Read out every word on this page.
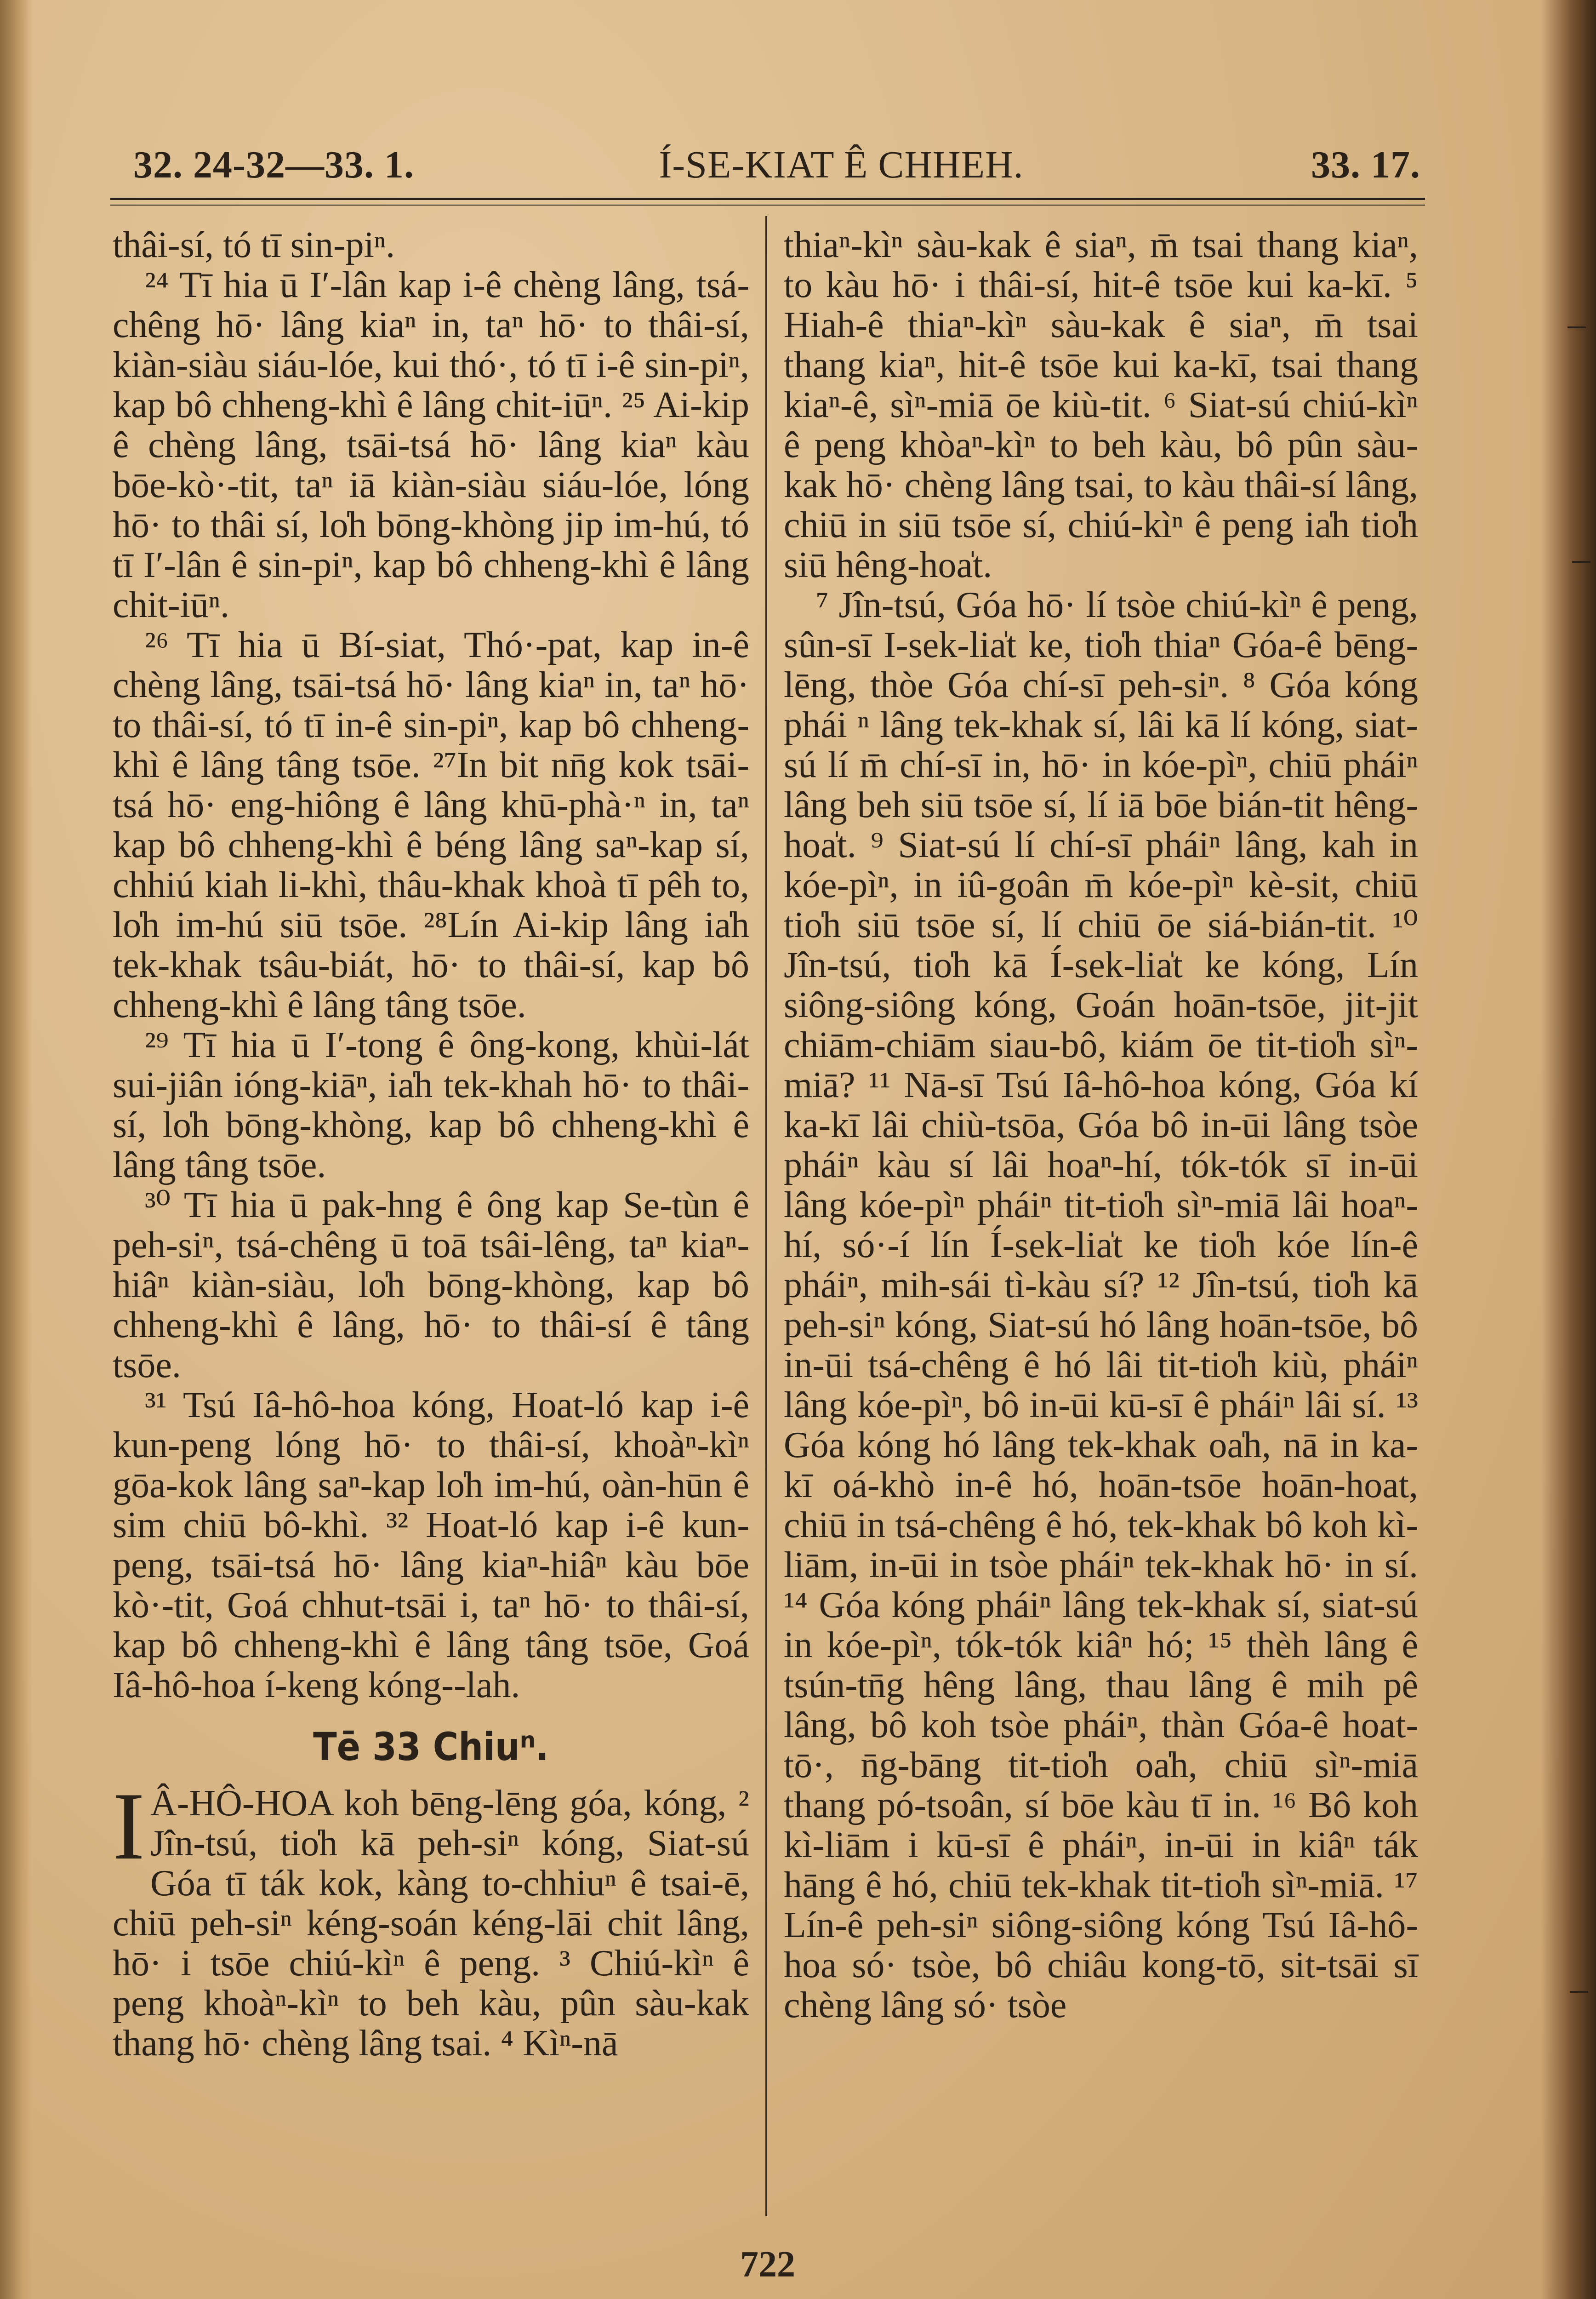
32. 24-32—33. 1.	Í-SE-KIAT Ê CHHEH.	33. 17.

thâi-sí, tó tī sin-piⁿ.

²⁴ Tī hia ū I′-lân kap i-ê chèng lâng, tsá-chêng hō· lâng kiaⁿ in, taⁿ hō· to thâi-sí, kiàn-siàu siáu-lóe, kui thó·, tó tī i-ê sin-piⁿ, kap bô chheng-khì ê lâng chit-iūⁿ. ²⁵ Ai-kip ê chèng lâng, tsāi-tsá hō· lâng kiaⁿ kàu bōe-kò·-tit, taⁿ iā kiàn-siàu siáu-lóe, lóng hō· to thâi sí, lo̍h bōng-khòng jip im-hú, tó tī I′-lân ê sin-piⁿ, kap bô chheng-khì ê lâng chit-iūⁿ.

²⁶ Tī hia ū Bí-siat, Thó·-pat, kap in-ê chèng lâng, tsāi-tsá hō· lâng kiaⁿ in, taⁿ hō· to thâi-sí, tó tī in-ê sin-piⁿ, kap bô chheng-khì ê lâng tâng tsōe. ²⁷In bit nn̄g kok tsāi-tsá hō· eng-hiông ê lâng khū-phà·ⁿ in, taⁿ kap bô chheng-khì ê béng lâng saⁿ-kap sí, chhiú kiah li-khì, thâu-khak khoà tī pêh to, lo̍h im-hú siū tsōe. ²⁸Lín Ai-kip lâng ia̍h tek-khak tsâu-biát, hō· to thâi-sí, kap bô chheng-khì ê lâng tâng tsōe.

²⁹ Tī hia ū I′-tong ê ông-kong, khùi-lát sui-jiân ióng-kiāⁿ, ia̍h tek-khah hō· to thâi-sí, lo̍h bōng-khòng, kap bô chheng-khì ê lâng tâng tsōe.

³⁰ Tī hia ū pak-hng ê ông kap Se-tùn ê peh-siⁿ, tsá-chêng ū toā tsâi-lêng, taⁿ kiaⁿ-hiâⁿ kiàn-siàu, lo̍h bōng-khòng, kap bô chheng-khì ê lâng, hō· to thâi-sí ê tâng tsōe.

³¹ Tsú Iâ-hô-hoa kóng, Hoat-ló kap i-ê kun-peng lóng hō· to thâi-sí, khoàⁿ-kìⁿ gōa-kok lâng saⁿ-kap lo̍h im-hú, oàn-hūn ê sim chiū bô-khì. ³² Hoat-ló kap i-ê kun-peng, tsāi-tsá hō· lâng kiaⁿ-hiâⁿ kàu bōe kò·-tit, Goá chhut-tsāi i, taⁿ hō· to thâi-sí, kap bô chheng-khì ê lâng tâng tsōe, Goá Iâ-hô-hoa í-keng kóng--lah.

Tē 33 Chiuⁿ.

I Â-HÔ-HOA koh bēng-lēng góa, kóng, ² Jîn-tsú, tio̍h kā peh-siⁿ kóng, Siat-sú Góa tī ták kok, kàng to-chhiuⁿ ê tsai-ē, chiū peh-siⁿ kéng-soán kéng-lāi chit lâng, hō· i tsōe chiú-kìⁿ ê peng. ³ Chiú-kìⁿ ê peng khoàⁿ-kìⁿ to beh kàu, pûn sàu-kak thang hō· chèng lâng tsai. ⁴ Kìⁿ-nā

thiaⁿ-kìⁿ sàu-kak ê siaⁿ, m̄ tsai thang kiaⁿ, to kàu hō· i thâi-sí, hit-ê tsōe kui ka-kī. ⁵ Hiah-ê thiaⁿ-kìⁿ sàu-kak ê siaⁿ, m̄ tsai thang kiaⁿ, hit-ê tsōe kui ka-kī, tsai thang kiaⁿ-ê, sìⁿ-miā ōe kiù-tit. ⁶ Siat-sú chiú-kìⁿ ê peng khòaⁿ-kìⁿ to beh kàu, bô pûn sàu-kak hō· chèng lâng tsai, to kàu thâi-sí lâng, chiū in siū tsōe sí, chiú-kìⁿ ê peng ia̍h tio̍h siū hêng-hoa̍t.

⁷ Jîn-tsú, Góa hō· lí tsòe chiú-kìⁿ ê peng, sûn-sī I-sek-lia̍t ke, tio̍h thiaⁿ Góa-ê bēng-lēng, thòe Góa chí-sī peh-siⁿ. ⁸ Góa kóng phái ⁿ lâng tek-khak sí, lâi kā lí kóng, siat-sú lí m̄ chí-sī in, hō· in kóe-pìⁿ, chiū pháiⁿ lâng beh siū tsōe sí, lí iā bōe bián-tit hêng-hoa̍t. ⁹ Siat-sú lí chí-sī pháiⁿ lâng, kah in kóe-pìⁿ, in iû-goân m̄ kóe-pìⁿ kè-sit, chiū tio̍h siū tsōe sí, lí chiū ōe siá-bián-tit. ¹⁰ Jîn-tsú, tio̍h kā Í-sek-lia̍t ke kóng, Lín siông-siông kóng, Goán hoān-tsōe, jit-jit chiām-chiām siau-bô, kiám ōe tit-tio̍h sìⁿ-miā? ¹¹ Nā-sī Tsú Iâ-hô-hoa kóng, Góa kí ka-kī lâi chiù-tsōa, Góa bô in-ūi lâng tsòe pháiⁿ kàu sí lâi hoaⁿ-hí, tók-tók sī in-ūi lâng kóe-pìⁿ pháiⁿ tit-tio̍h sìⁿ-miā lâi hoaⁿ-hí, só·-í lín Í-sek-lia̍t ke tio̍h kóe lín-ê pháiⁿ, mih-sái tì-kàu sí? ¹² Jîn-tsú, tio̍h kā peh-siⁿ kóng, Siat-sú hó lâng hoān-tsōe, bô in-ūi tsá-chêng ê hó lâi tit-tio̍h kiù, pháiⁿ lâng kóe-pìⁿ, bô in-ūi kū-sī ê pháiⁿ lâi sí. ¹³ Góa kóng hó lâng tek-khak oa̍h, nā in ka-kī oá-khò in-ê hó, hoān-tsōe hoān-hoat, chiū in tsá-chêng ê hó, tek-khak bô koh kì-liām, in-ūi in tsòe pháiⁿ tek-khak hō· in sí. ¹⁴ Góa kóng pháiⁿ lâng tek-khak sí, siat-sú in kóe-pìⁿ, tók-tók kiâⁿ hó; ¹⁵ thèh lâng ê tsún-tn̄g hêng lâng, thau lâng ê mih pê lâng, bô koh tsòe pháiⁿ, thàn Góa-ê hoat-tō·, n̄g-bāng tit-tio̍h oa̍h, chiū sìⁿ-miā thang pó-tsoân, sí bōe kàu tī in. ¹⁶ Bô koh kì-liām i kū-sī ê pháiⁿ, in-ūi in kiâⁿ ták hāng ê hó, chiū tek-khak tit-tio̍h sìⁿ-miā. ¹⁷ Lín-ê peh-siⁿ siông-siông kóng Tsú Iâ-hô-hoa só· tsòe, bô chiâu kong-tō, sit-tsāi sī chèng lâng só· tsòe

722
